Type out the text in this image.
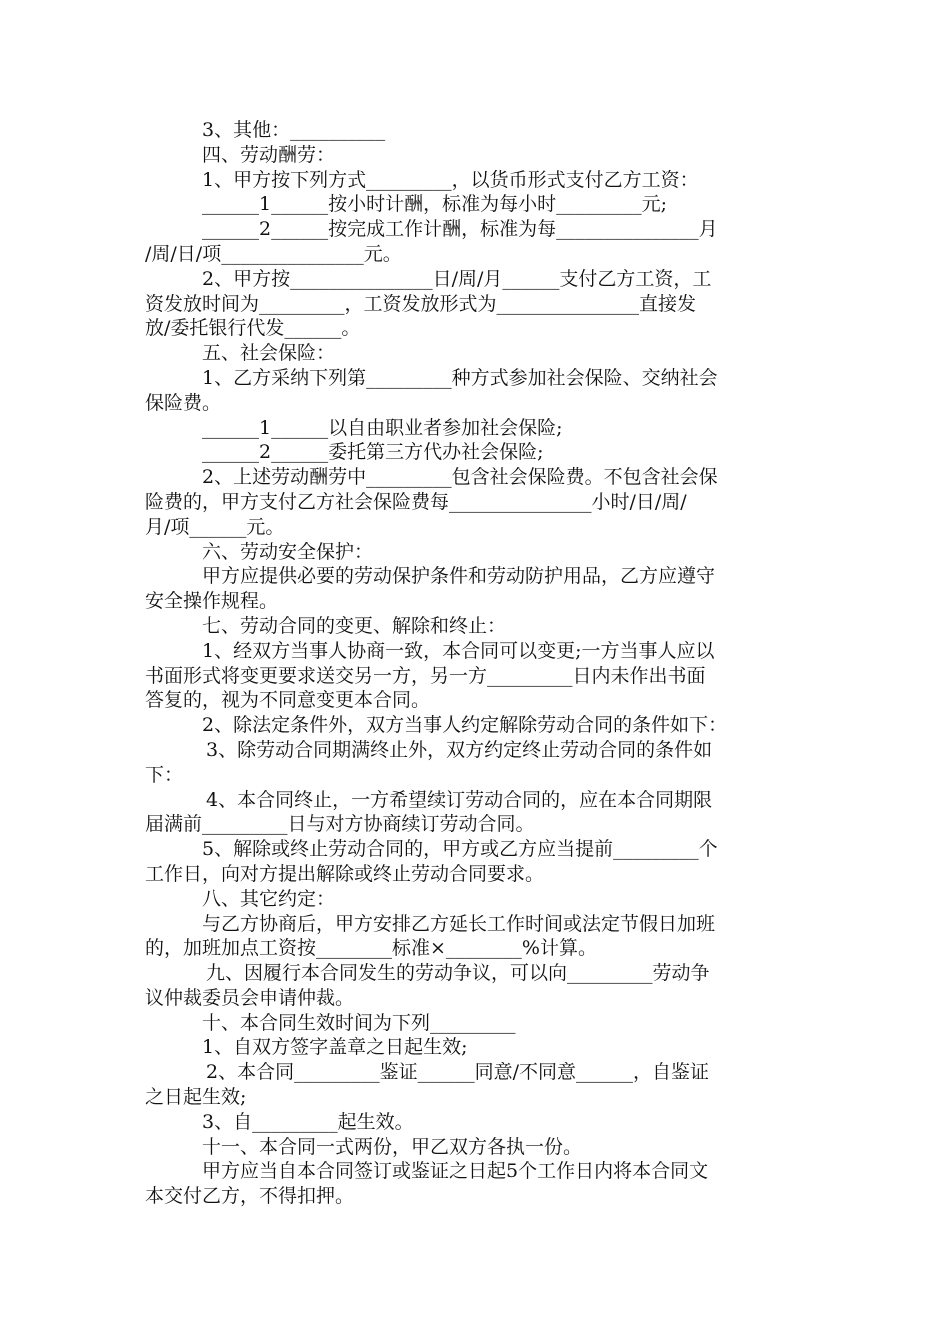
3、其他：__________
四、劳动酬劳：
1、甲方按下列方式_________，以货币形式支付乙方工资：
______1______按小时计酬，标准为每小时_________元;
______2______按完成工作计酬，标准为每_______________月
/周/日/项_______________元。
2、甲方按_______________日/周/月______支付乙方工资，工
资发放时间为_________，工资发放形式为_______________直接发
放/委托银行代发______。
五、社会保险：
1、乙方采纳下列第_________种方式参加社会保险、交纳社会
保险费。
______1______以自由职业者参加社会保险;
______2______委托第三方代办社会保险;
2、上述劳动酬劳中_________包含社会保险费。不包含社会保
险费的，甲方支付乙方社会保险费每_______________小时/日/周/
月/项______元。
六、劳动安全保护：
甲方应提供必要的劳动保护条件和劳动防护用品，乙方应遵守
安全操作规程。
七、劳动合同的变更、解除和终止：
1、经双方当事人协商一致，本合同可以变更;一方当事人应以
书面形式将变更要求送交另一方，另一方_________日内未作出书面
答复的，视为不同意变更本合同。
2、除法定条件外，双方当事人约定解除劳动合同的条件如下：
3、除劳动合同期满终止外，双方约定终止劳动合同的条件如
下：
4、本合同终止，一方希望续订劳动合同的，应在本合同期限
届满前_________日与对方协商续订劳动合同。
5、解除或终止劳动合同的，甲方或乙方应当提前_________个
工作日，向对方提出解除或终止劳动合同要求。
八、其它约定：
与乙方协商后，甲方安排乙方延长工作时间或法定节假日加班
的，加班加点工资按________标准×________%计算。
九、因履行本合同发生的劳动争议，可以向_________劳动争
议仲裁委员会申请仲裁。
十、本合同生效时间为下列_________
1、自双方签字盖章之日起生效;
2、本合同_________鉴证______同意/不同意______，自鉴证
之日起生效;
3、自_________起生效。
十一、本合同一式两份，甲乙双方各执一份。
甲方应当自本合同签订或鉴证之日起5个工作日内将本合同文
本交付乙方，不得扣押。
